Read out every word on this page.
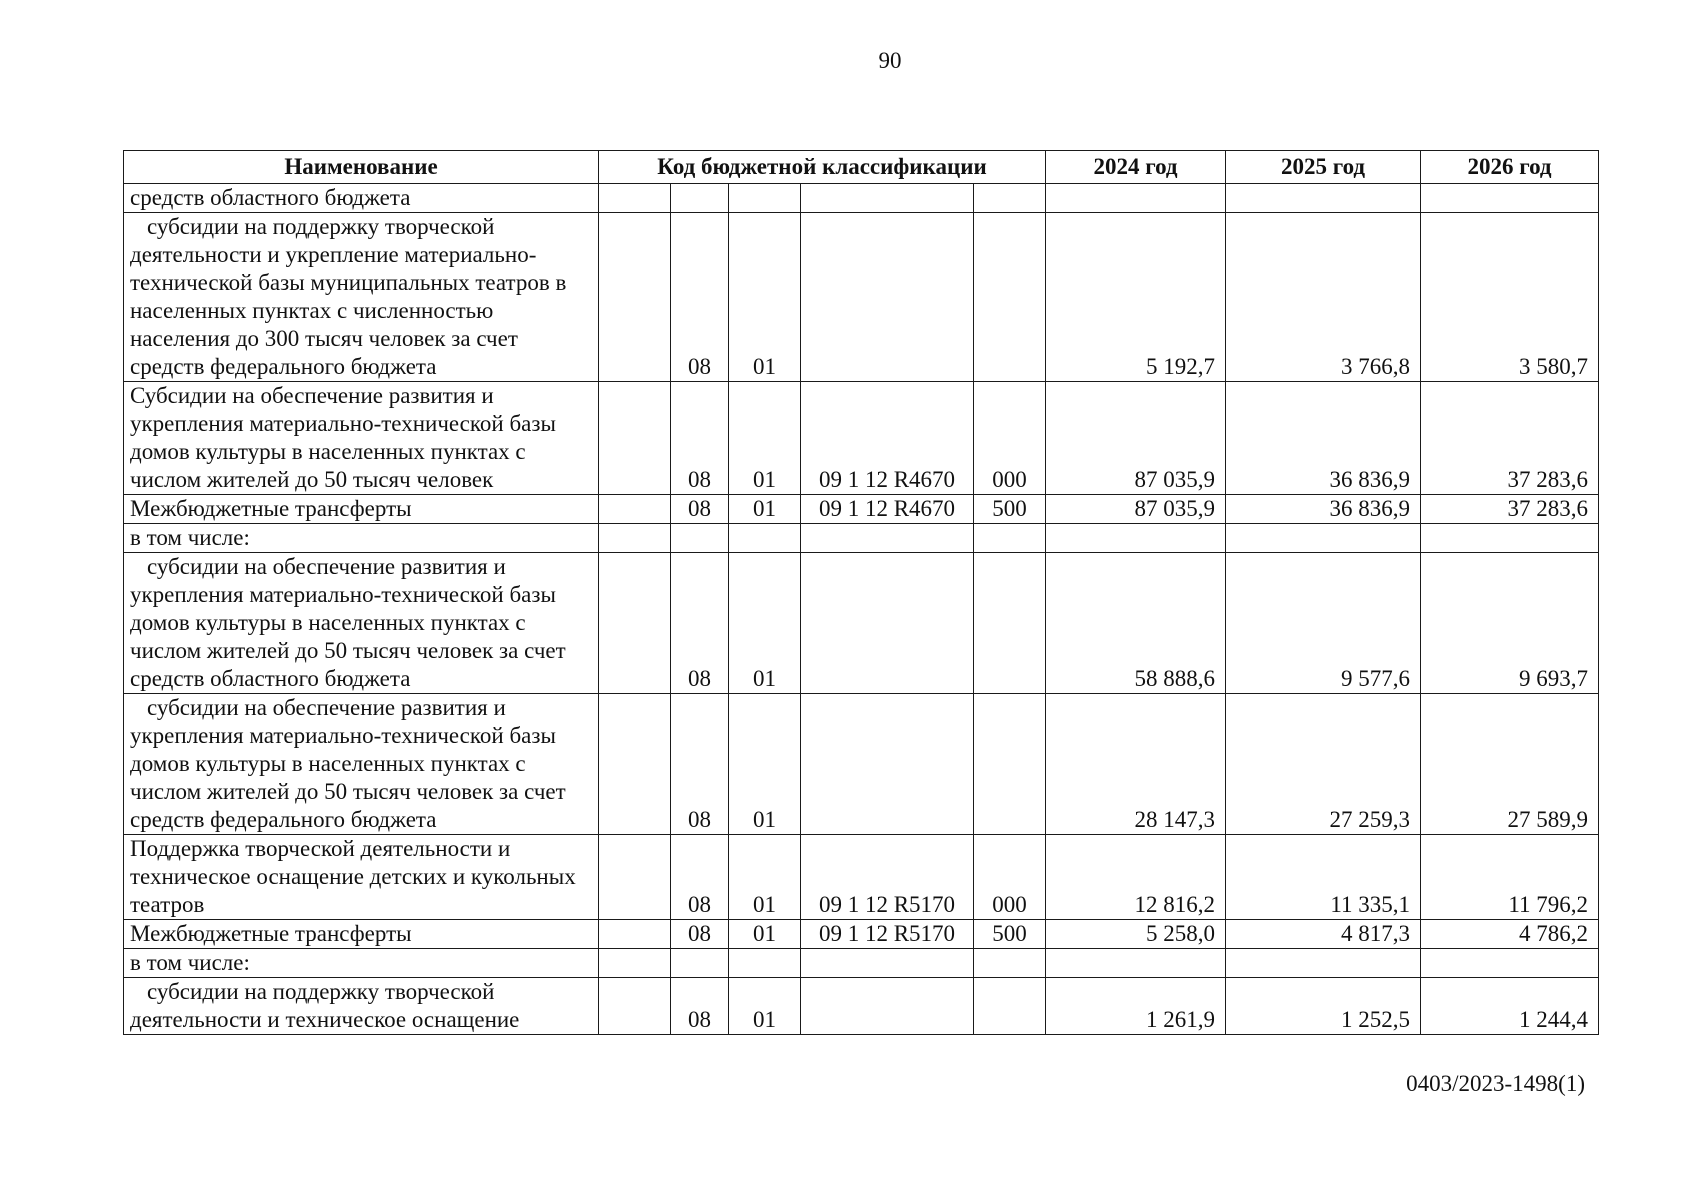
90
Наименование	Код бюджетной классификации					2024 год	2025 год	2026 год
средств областного бюджета								
субсидии на поддержку творческой деятельности и укрепление материально-технической базы муниципальных театров в населенных пунктах с численностью населения до 300 тысяч человек за счет средств федерального бюджета		08	01			5 192,7	3 766,8	3 580,7
Субсидии на обеспечение развития и укрепления материально-технической базы домов культуры в населенных пунктах с числом жителей до 50 тысяч человек		08	01	09 1 12 R4670	000	87 035,9	36 836,9	37 283,6
Межбюджетные трансферты		08	01	09 1 12 R4670	500	87 035,9	36 836,9	37 283,6
в том числе:								
субсидии на обеспечение развития и укрепления материально-технической базы домов культуры в населенных пунктах с числом жителей до 50 тысяч человек за счет средств областного бюджета		08	01			58 888,6	9 577,6	9 693,7
субсидии на обеспечение развития и укрепления материально-технической базы домов культуры в населенных пунктах с числом жителей до 50 тысяч человек за счет средств федерального бюджета		08	01			28 147,3	27 259,3	27 589,9
Поддержка творческой деятельности и техническое оснащение детских и кукольных театров		08	01	09 1 12 R5170	000	12 816,2	11 335,1	11 796,2
Межбюджетные трансферты		08	01	09 1 12 R5170	500	5 258,0	4 817,3	4 786,2
в том числе:								
субсидии на поддержку творческой деятельности и техническое оснащение		08	01			1 261,9	1 252,5	1 244,4
0403/2023-1498(1)
